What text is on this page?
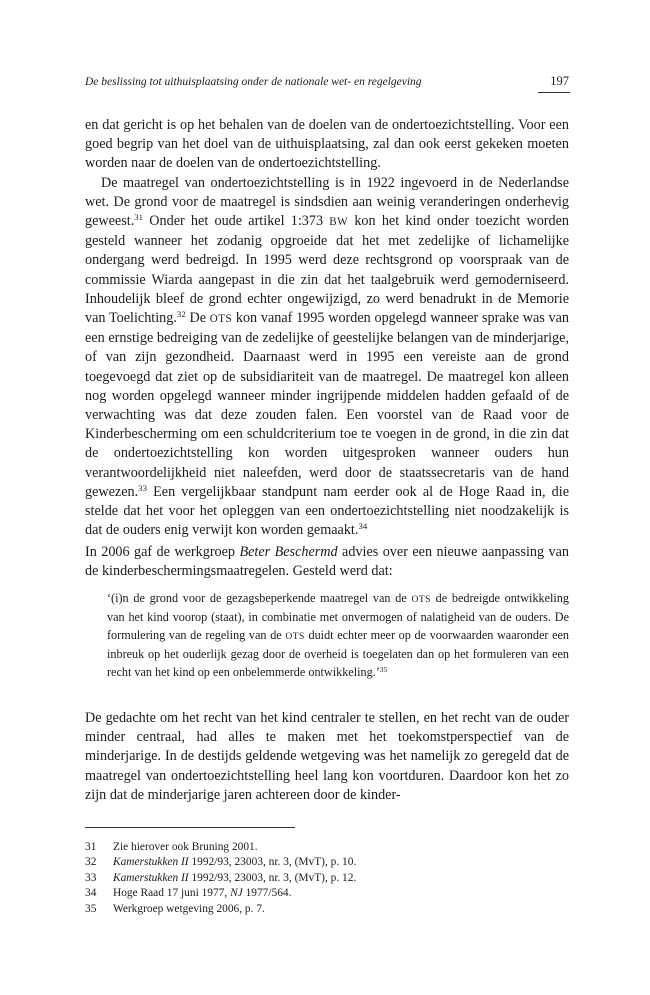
De beslissing tot uithuisplaatsing onder de nationale wet- en regelgeving	197

en dat gericht is op het behalen van de doelen van de ondertoezichtstelling. Voor een goed begrip van het doel van de uithuisplaatsing, zal dan ook eerst gekeken moeten worden naar de doelen van de ondertoezichtstelling.

De maatregel van ondertoezichtstelling is in 1922 ingevoerd in de Nederlandse wet. De grond voor de maatregel is sindsdien aan weinig veranderingen onderhevig geweest.$^{31}$ Onder het oude artikel 1:373 BW kon het kind onder toezicht worden gesteld wanneer het zodanig opgroeide dat het met zedelijke of lichamelijke ondergang werd bedreigd. In 1995 werd deze rechtsgrond op voorspraak van de commissie Wiarda aangepast in die zin dat het taalgebruik werd gemoderniseerd. Inhoudelijk bleef de grond echter ongewijzigd, zo werd benadrukt in de Memorie van Toelichting.$^{32}$ De OTS kon vanaf 1995 worden opgelegd wanneer sprake was van een ernstige bedreiging van de zedelijke of geestelijke belangen van de minderjarige, of van zijn gezondheid. Daarnaast werd in 1995 een vereiste aan de grond toegevoegd dat ziet op de subsidiariteit van de maatregel. De maatregel kon alleen nog worden opgelegd wanneer minder ingrijpende middelen hadden gefaald of de verwachting was dat deze zouden falen. Een voorstel van de Raad voor de Kinderbescherming om een schuldcriterium toe te voegen in de grond, in die zin dat de ondertoezichtstelling kon worden uitgesproken wanneer ouders hun verantwoordelijkheid niet naleefden, werd door de staatssecretaris van de hand gewezen.$^{33}$ Een vergelijkbaar standpunt nam eerder ook al de Hoge Raad in, die stelde dat het voor het opleggen van een ondertoezichtstelling niet noodzakelijk is dat de ouders enig verwijt kon worden gemaakt.$^{34}$

In 2006 gaf de werkgroep Beter Beschermd advies over een nieuwe aanpassing van de kinderbeschermingsmaatregelen. Gesteld werd dat:

‘(i)n de grond voor de gezagsbeperkende maatregel van de OTS de bedreigde ontwikkeling van het kind voorop (staat), in combinatie met onvermogen of nalatigheid van de ouders. De formulering van de regeling van de OTS duidt echter meer op de voorwaarden waaronder een inbreuk op het ouderlijk gezag door de overheid is toegelaten dan op het formuleren van een recht van het kind op een onbelemmerde ontwikkeling.’$^{35}$

De gedachte om het recht van het kind centraler te stellen, en het recht van de ouder minder centraal, had alles te maken met het toekomstperspectief van de minderjarige. In de destijds geldende wetgeving was het namelijk zo geregeld dat de maatregel van ondertoezichtstelling heel lang kon voortduren. Daardoor kon het zo zijn dat de minderjarige jaren achtereen door de kinder-

31	Zie hierover ook Bruning 2001.
32	Kamerstukken II 1992/93, 23003, nr. 3, (MvT), p. 10.
33	Kamerstukken II 1992/93, 23003, nr. 3, (MvT), p. 12.
34	Hoge Raad 17 juni 1977, NJ 1977/564.
35	Werkgroep wetgeving 2006, p. 7.
